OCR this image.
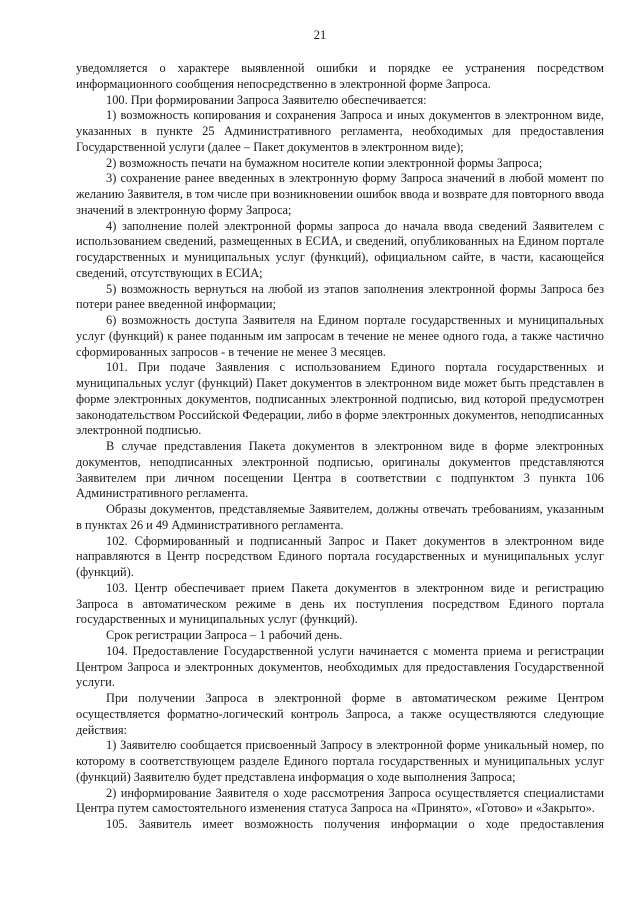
21

уведомляется о характере выявленной ошибки и порядке ее устранения посредством информационного сообщения непосредственно в электронной форме Запроса.

100. При формировании Запроса Заявителю обеспечивается:

1) возможность копирования и сохранения Запроса и иных документов в электронном виде, указанных в пункте 25 Административного регламента, необходимых для предоставления Государственной услуги (далее – Пакет документов в электронном виде);

2) возможность печати на бумажном носителе копии электронной формы Запроса;

3) сохранение ранее введенных в электронную форму Запроса значений в любой момент по желанию Заявителя, в том числе при возникновении ошибок ввода и возврате для повторного ввода значений в электронную форму Запроса;

4) заполнение полей электронной формы запроса до начала ввода сведений Заявителем с использованием сведений, размещенных в ЕСИА, и сведений, опубликованных на Едином портале государственных и муниципальных услуг (функций), официальном сайте, в части, касающейся сведений, отсутствующих в ЕСИА;

5) возможность вернуться на любой из этапов заполнения электронной формы Запроса без потери ранее введенной информации;

6) возможность доступа Заявителя на Едином портале государственных и муниципальных услуг (функций) к ранее поданным им запросам в течение не менее одного года, а также частично сформированных запросов - в течение не менее 3 месяцев.

101. При подаче Заявления с использованием Единого портала государственных и муниципальных услуг (функций) Пакет документов в электронном виде может быть представлен в форме электронных документов, подписанных электронной подписью, вид которой предусмотрен законодательством Российской Федерации, либо в форме электронных документов, неподписанных электронной подписью.

В случае представления Пакета документов в электронном виде в форме электронных документов, неподписанных электронной подписью, оригиналы документов представляются Заявителем при личном посещении Центра в соответствии с подпунктом 3 пункта 106 Административного регламента.

Образы документов, представляемые Заявителем, должны отвечать требованиям, указанным в пунктах 26 и 49 Административного регламента.

102. Сформированный и подписанный Запрос и Пакет документов в электронном виде направляются в Центр посредством Единого портала государственных и муниципальных услуг (функций).

103. Центр обеспечивает прием Пакета документов в электронном виде и регистрацию Запроса в автоматическом режиме в день их поступления посредством Единого портала государственных и муниципальных услуг (функций).

Срок регистрации Запроса – 1 рабочий день.

104. Предоставление Государственной услуги начинается с момента приема и регистрации Центром Запроса и электронных документов, необходимых для предоставления Государственной услуги.

При получении Запроса в электронной форме в автоматическом режиме Центром осуществляется форматно-логический контроль Запроса, а также осуществляются следующие действия:

1) Заявителю сообщается присвоенный Запросу в электронной форме уникальный номер, по которому в соответствующем разделе Единого портала государственных и муниципальных услуг (функций) Заявителю будет представлена информация о ходе выполнения Запроса;

2) информирование Заявителя о ходе рассмотрения Запроса осуществляется специалистами Центра путем самостоятельного изменения статуса Запроса на «Принято», «Готово» и «Закрыто».

105. Заявитель имеет возможность получения информации о ходе предоставления
